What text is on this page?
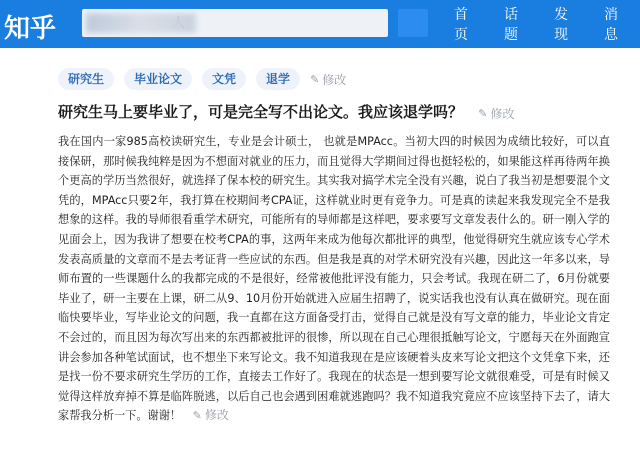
知乎
人	首页
话题
发现
消息
研究生	毕业论文	文凭	退学	✎ 修改
研究生马上要毕业了，可是完全写不出论文。我应该退学吗？ ✎ 修改
我在国内一家985高校读研究生，专业是会计硕士， 也就是MPAcc。当初大四的时候因为成绩比较好，可以直接保研，那时候我纯粹是因为不想面对就业的压力，而且觉得大学期间过得也挺轻松的，如果能这样再待两年换个更高的学历当然很好，就选择了保本校的研究生。其实我对搞学术完全没有兴趣，说白了我当初是想要混个文凭的，MPAcc只要2年，我打算在校期间考CPA证，这样就业时更有竞争力。可是真的读起来我发现完全不是我想象的这样。我的导师很看重学术研究，可能所有的导师都是这样吧，要求要写文章发表什么的。研一刚入学的见面会上，因为我讲了想要在校考CPA的事，这两年来成为他每次都批评的典型，他觉得研究生就应该专心学术发表高质量的文章而不是去考证背一些应试的东西。但是我是真的对学术研究没有兴趣，因此这一年多以来，导师布置的一些课题什么的我都完成的不是很好，经常被他批评没有能力，只会考试。我现在研二了，6月份就要毕业了，研一主要在上课，研二从9、10月份开始就进入应届生招聘了，说实话我也没有认真在做研究。现在面临快要毕业，写毕业论文的问题，我一直都在这方面备受打击，觉得自己就是没有写文章的能力，毕业论文肯定不会过的，而且因为每次写出来的东西都被批评的很惨，所以现在自己心理很抵触写论文，宁愿每天在外面跑宣讲会参加各种笔试面试，也不想坐下来写论文。我不知道我现在是应该硬着头皮来写论文把这个文凭拿下来，还是找一份不要求研究生学历的工作，直接去工作好了。我现在的状态是一想到要写论文就很难受，可是有时候又觉得这样放弃掉不算是临阵脱逃，以后自己也会遇到困难就逃跑吗？我不知道我究竟应不应该坚持下去了，请大家帮我分析一下。谢谢！ ✎ 修改
